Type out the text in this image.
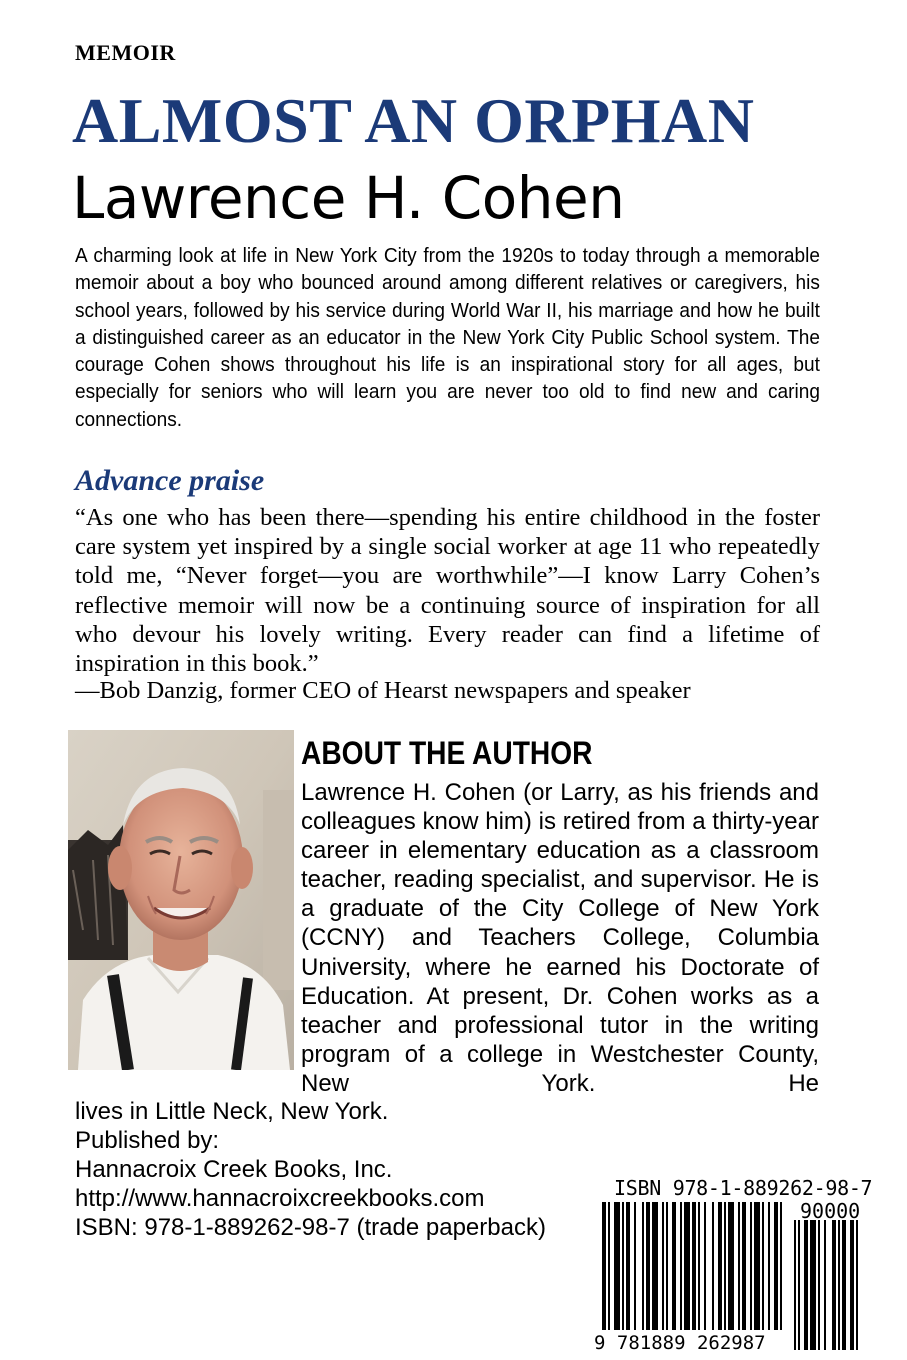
MEMOIR
ALMOST AN ORPHAN
Lawrence H. Cohen
A charming look at life in New York City from the 1920s to today through a memorable memoir about a boy who bounced around among different relatives or caregivers, his school years, followed by his service during World War II, his marriage and how he built a distinguished career as an educator in the New York City Public School system. The courage Cohen shows throughout his life is an inspirational story for all ages, but especially for seniors who will learn you are never too old to find new and caring connections.
Advance praise
“As one who has been there—spending his entire childhood in the foster care system yet inspired by a single social worker at age 11 who repeatedly told me, “Never forget—you are worthwhile”—I know Larry Cohen’s reflective memoir will now be a continuing source of inspiration for all who devour his lovely writing. Every reader can find a lifetime of inspiration in this book.”
—Bob Danzig, former CEO of Hearst newspapers and speaker
ABOUT THE AUTHOR
Lawrence H. Cohen (or Larry, as his friends and colleagues know him) is retired from a thirty-year career in elementary education as a classroom teacher, reading specialist, and supervisor. He is a graduate of the City College of New York (CCNY) and Teachers College, Columbia University, where he earned his Doctorate of Education. At present, Dr. Cohen works as a teacher and professional tutor in the writing program of a college in Westchester County, New York. He
lives in Little Neck, New York.
Published by:
Hannacroix Creek Books, Inc.
http://www.hannacroixcreekbooks.com
ISBN: 978-1-889262-98-7 (trade paperback)
ISBN 978-1-889262-98-7
90000
9 781889 262987
